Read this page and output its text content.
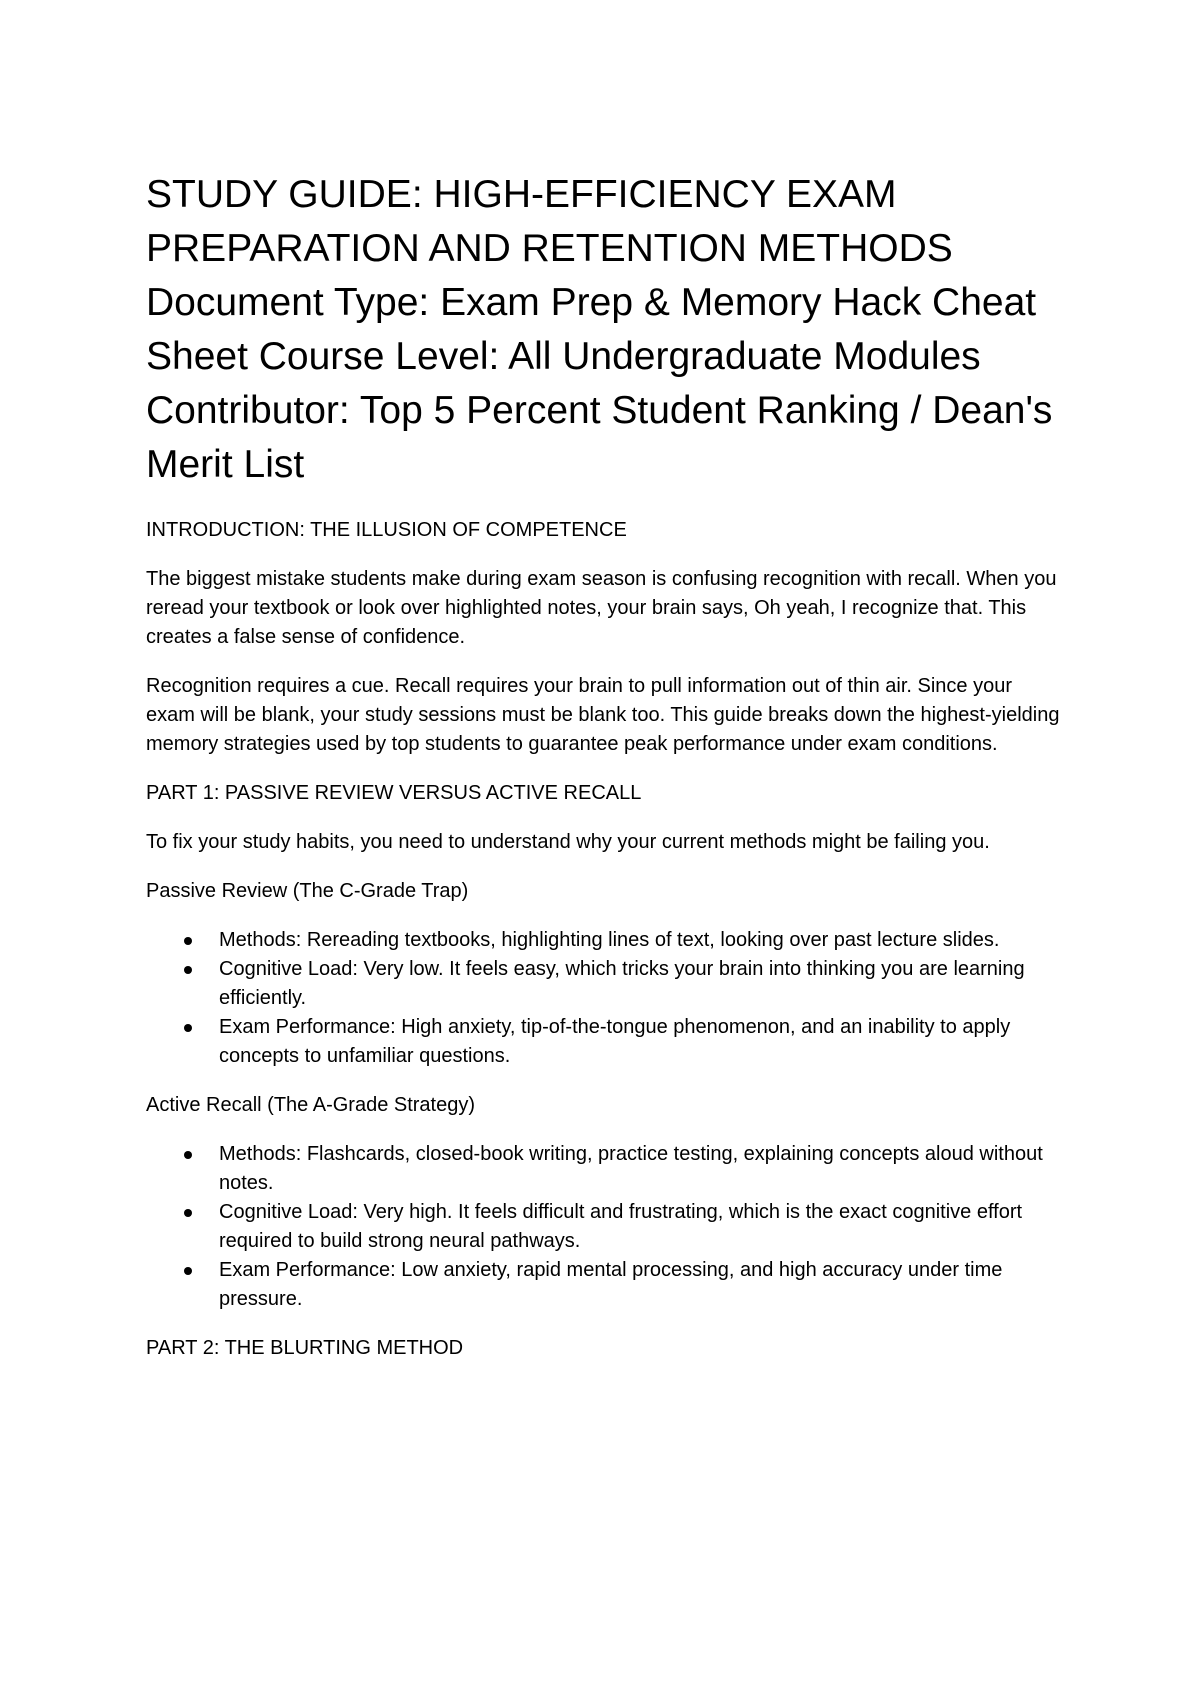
STUDY GUIDE: HIGH-EFFICIENCY EXAM PREPARATION AND RETENTION METHODS Document Type: Exam Prep & Memory Hack Cheat Sheet Course Level: All Undergraduate Modules Contributor: Top 5 Percent Student Ranking / Dean's Merit List

INTRODUCTION: THE ILLUSION OF COMPETENCE

The biggest mistake students make during exam season is confusing recognition with recall. When you reread your textbook or look over highlighted notes, your brain says, Oh yeah, I recognize that. This creates a false sense of confidence.

Recognition requires a cue. Recall requires your brain to pull information out of thin air. Since your exam will be blank, your study sessions must be blank too. This guide breaks down the highest-yielding memory strategies used by top students to guarantee peak performance under exam conditions.

PART 1: PASSIVE REVIEW VERSUS ACTIVE RECALL

To fix your study habits, you need to understand why your current methods might be failing you.

Passive Review (The C-Grade Trap)

Methods: Rereading textbooks, highlighting lines of text, looking over past lecture slides.
Cognitive Load: Very low. It feels easy, which tricks your brain into thinking you are learning efficiently.
Exam Performance: High anxiety, tip-of-the-tongue phenomenon, and an inability to apply concepts to unfamiliar questions.

Active Recall (The A-Grade Strategy)

Methods: Flashcards, closed-book writing, practice testing, explaining concepts aloud without notes.
Cognitive Load: Very high. It feels difficult and frustrating, which is the exact cognitive effort required to build strong neural pathways.
Exam Performance: Low anxiety, rapid mental processing, and high accuracy under time pressure.

PART 2: THE BLURTING METHOD
